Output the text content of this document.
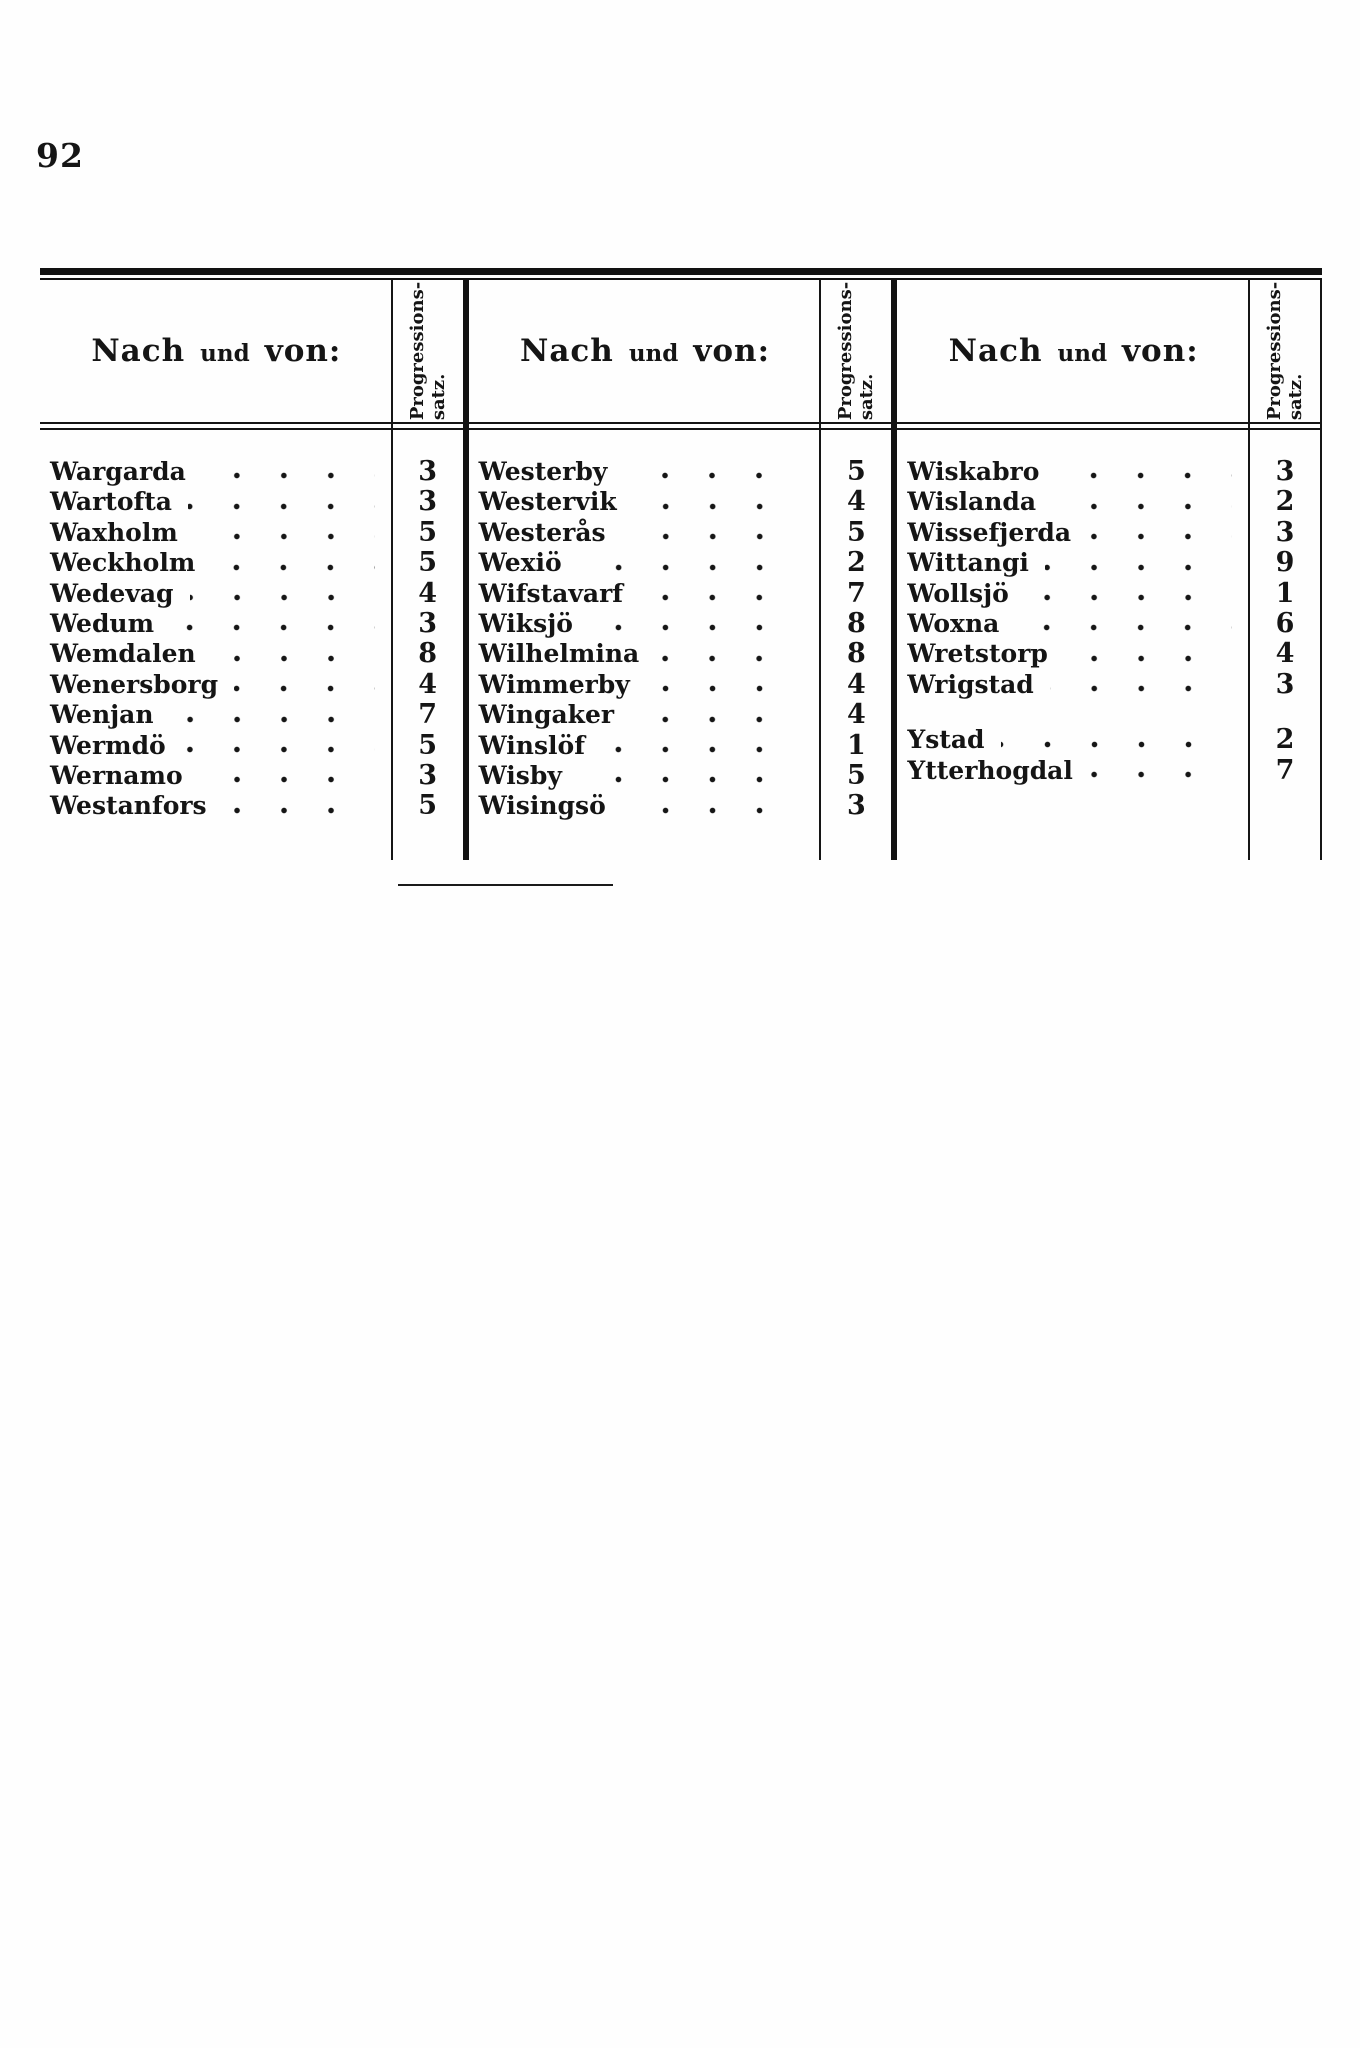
92
Nach und von:	Progressions- satz.
Wargarda	3
Wartofta	3
Waxholm	5
Weckholm	5
Wedevag	4
Wedum	3
Wemdalen	8
Wenersborg	4
Wenjan	7
Wermdö	5
Wernamo	3
Westanfors	5
Nach und von:	Progressions- satz.
Westerby	5
Westervik	4
Westerås	5
Wexiö	2
Wifstavarf	7
Wiksjö	8
Wilhelmina	8
Wimmerby	4
Wingaker	4
Winslöf	1
Wisby	5
Wisingsö	3
Nach und von:	Progressions- satz.
Wiskabro	3
Wislanda	2
Wissefjerda	3
Wittangi	9
Wollsjö	1
Woxna	6
Wretstorp	4
Wrigstad	3
Ystad	2
Ytterhogdal	7
